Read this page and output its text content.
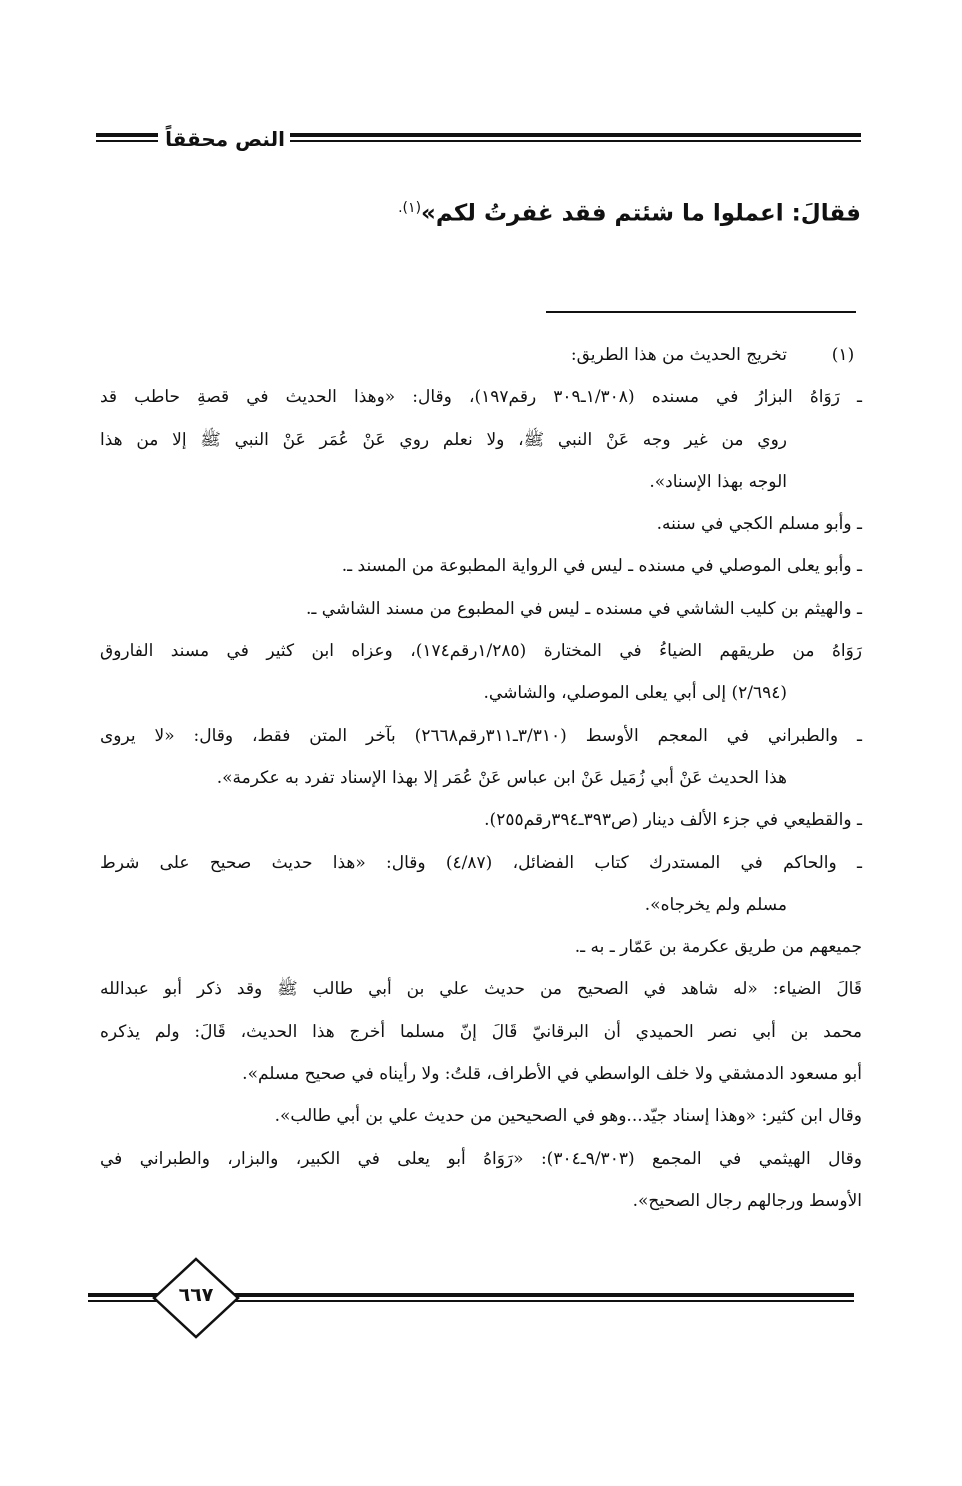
النص محققاً
فقالَ: اعملوا ما شئتم فقد غفرتُ لكم»$^{(١).}$
(١)
تخريج الحديث من هذا الطريق:
ـ رَوَاهُ البزارُ في مسنده (١/٣٠٨ـ٣٠٩ رقم١٩٧)، وقال: «وهذا الحديث في قصةِ حاطب قد
روي من غير وجه عَنْ النبي ﷺ، ولا نعلم روي عَنْ عُمَر عَنْ النبي ﷺ إلا من هذا
الوجه بهذا الإسناد».
ـ وأبو مسلم الكجي في سننه.
ـ وأبو يعلى الموصلي في مسنده ـ ليس في الرواية المطبوعة من المسند ـ.
ـ والهيثم بن كليب الشاشي في مسنده ـ ليس في المطبوع من مسند الشاشي ـ.
رَوَاهُ من طريقهم الضياءُ في المختارة (١/٢٨٥رقم١٧٤)، وعزاه ابن كثير في مسند الفاروق
(٢/٦٩٤) إلى أبي يعلى الموصلي، والشاشي.
ـ والطبراني في المعجم الأوسط (٣/٣١٠ـ٣١١رقم٢٦٦٨) بآخر المتن فقط، وقال: «لا يروى
هذا الحديث عَنْ أبي زُمَيل عَنْ ابن عباس عَنْ عُمَر إلا بهذا الإسناد تفرد به عكرمة».
ـ والقطيعي في جزء الألف دينار (ص٣٩٣ـ٣٩٤رقم٢٥٥).
ـ والحاكم في المستدرك كتاب الفضائل، (٤/٨٧) وقال: «هذا حديث صحيح على شرط
مسلم ولم يخرجاه».
جميعهم من طريق عكرمة بن عَمّار ـ به ـ.
قَالَ الضياء: «له شاهد في الصحيح من حديث علي بن أبي طالب ﷺ وقد ذكر أبو عبدالله
محمد بن أبي نصر الحميدي أن البرقانيّ قَالَ إنّ مسلما أخرج هذا الحديث، قَالَ: ولم يذكره
أبو مسعود الدمشقي ولا خلف الواسطي في الأطراف، قلتُ: ولا رأيناه في صحيح مسلم».
وقال ابن كثير: «وهذا إسناد جيّد...وهو في الصحيحين من حديث علي بن أبي طالب».
وقال الهيثمي في المجمع (٩/٣٠٣ـ٣٠٤): «رَوَاهُ أبو يعلى في الكبير، والبزار، والطبراني في
الأوسط ورجالهم رجال الصحيح».
٦٦٧
